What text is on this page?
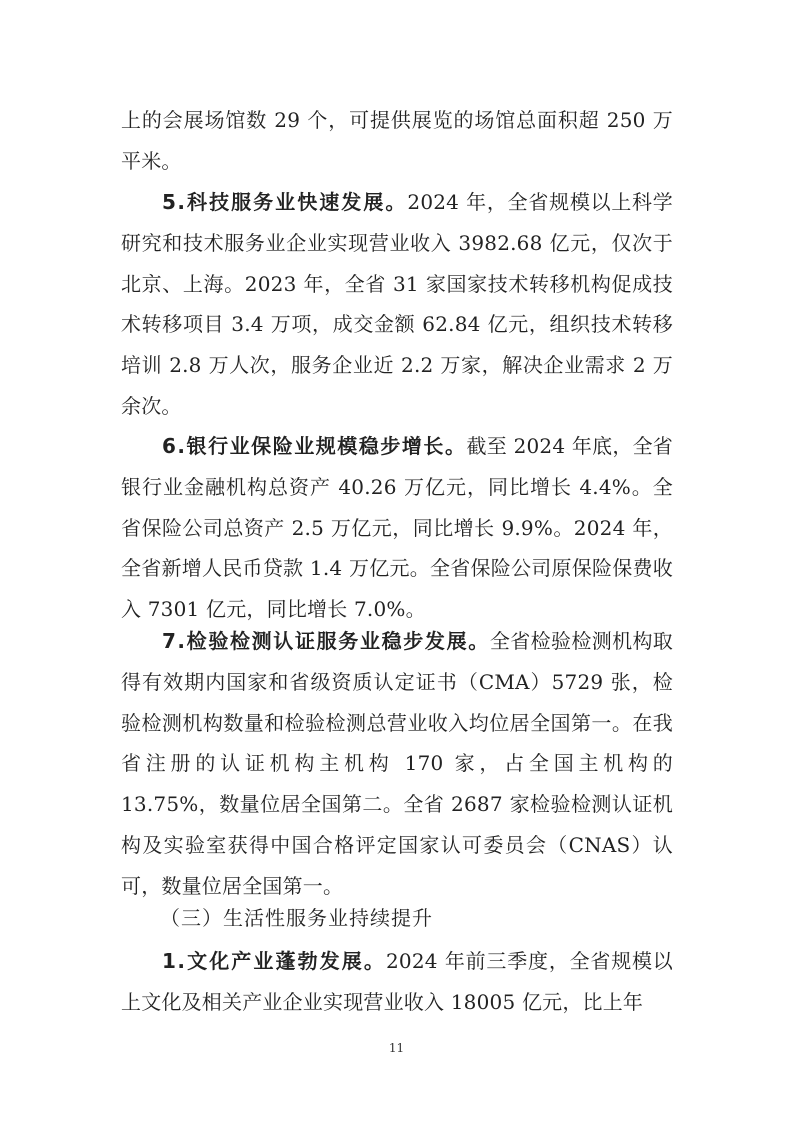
上的会展场馆数 29 个，可提供展览的场馆总面积超 250 万平米。

5.科技服务业快速发展。2024 年，全省规模以上科学研究和技术服务业企业实现营业收入 3982.68 亿元，仅次于北京、上海。2023 年，全省 31 家国家技术转移机构促成技术转移项目 3.4 万项，成交金额 62.84 亿元，组织技术转移培训 2.8 万人次，服务企业近 2.2 万家，解决企业需求 2 万余次。

6.银行业保险业规模稳步增长。截至 2024 年底，全省银行业金融机构总资产 40.26 万亿元，同比增长 4.4%。全省保险公司总资产 2.5 万亿元，同比增长 9.9%。2024 年，全省新增人民币贷款 1.4 万亿元。全省保险公司原保险保费收入 7301 亿元，同比增长 7.0%。

7.检验检测认证服务业稳步发展。全省检验检测机构取得有效期内国家和省级资质认定证书（CMA）5729 张，检验检测机构数量和检验检测总营业收入均位居全国第一。在我省注册的认证机构主机构 170 家，占全国主机构的 13.75%，数量位居全国第二。全省 2687 家检验检测认证机构及实验室获得中国合格评定国家认可委员会（CNAS）认可，数量位居全国第一。

（三）生活性服务业持续提升

1.文化产业蓬勃发展。2024 年前三季度，全省规模以上文化及相关产业企业实现营业收入 18005 亿元，比上年

11
